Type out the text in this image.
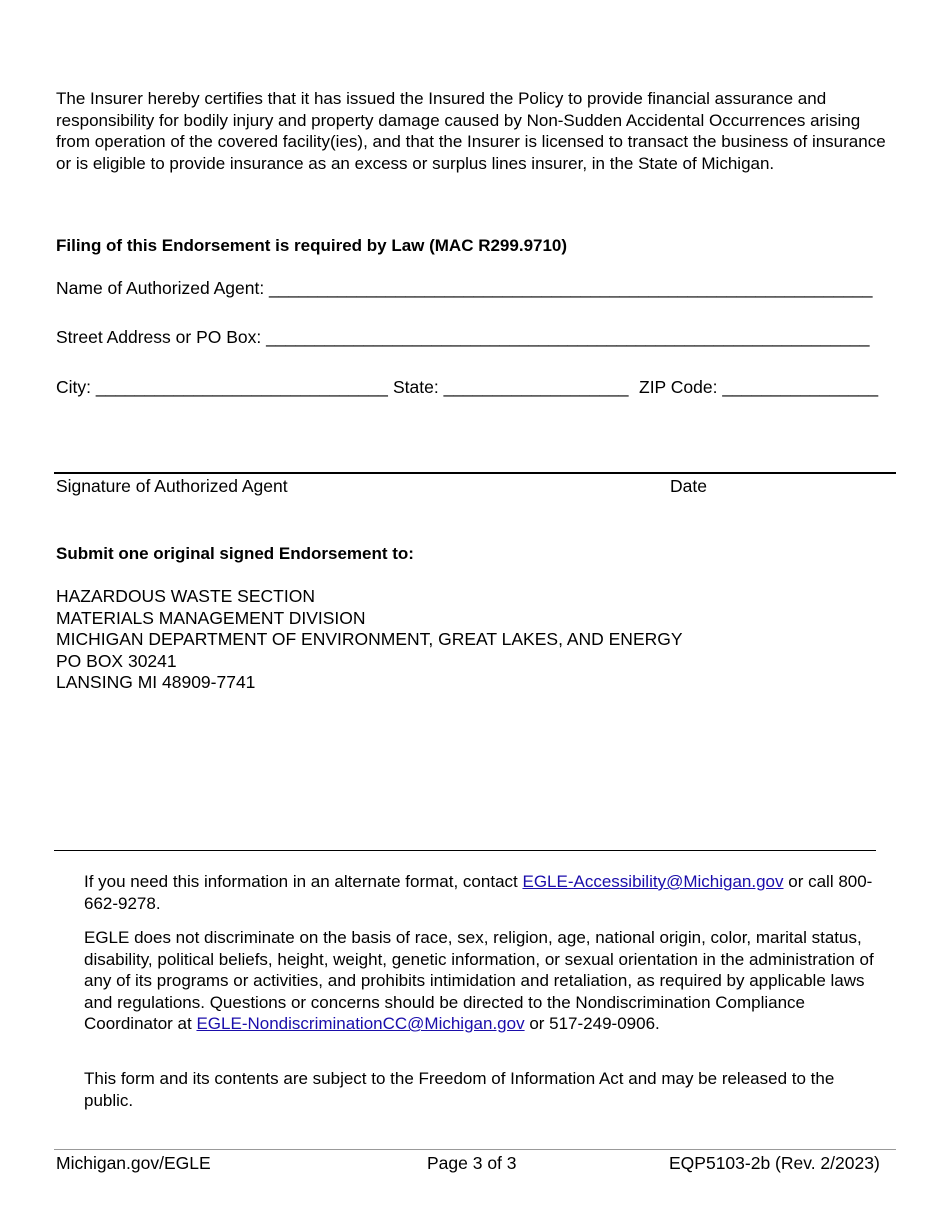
The Insurer hereby certifies that it has issued the Insured the Policy to provide financial assurance and responsibility for bodily injury and property damage caused by Non-Sudden Accidental Occurrences arising from operation of the covered facility(ies), and that the Insurer is licensed to transact the business of insurance or is eligible to provide insurance as an excess or surplus lines insurer, in the State of Michigan.
Filing of this Endorsement is required by Law (MAC R299.9710)
Name of Authorized Agent: ______________________________________________________________
Street Address or PO Box: ______________________________________________________________
City: ______________________________ State: ___________________ ZIP Code: ________________
Signature of Authorized Agent	Date
Submit one original signed Endorsement to:
HAZARDOUS WASTE SECTION
MATERIALS MANAGEMENT DIVISION
MICHIGAN DEPARTMENT OF ENVIRONMENT, GREAT LAKES, AND ENERGY
PO BOX 30241
LANSING MI 48909-7741
If you need this information in an alternate format, contact EGLE-Accessibility@Michigan.gov or call 800-662-9278.
EGLE does not discriminate on the basis of race, sex, religion, age, national origin, color, marital status, disability, political beliefs, height, weight, genetic information, or sexual orientation in the administration of any of its programs or activities, and prohibits intimidation and retaliation, as required by applicable laws and regulations. Questions or concerns should be directed to the Nondiscrimination Compliance Coordinator at EGLE-NondiscriminationCC@Michigan.gov or 517-249-0906.
This form and its contents are subject to the Freedom of Information Act and may be released to the public.
Michigan.gov/EGLE	Page 3 of 3	EQP5103-2b (Rev. 2/2023)
